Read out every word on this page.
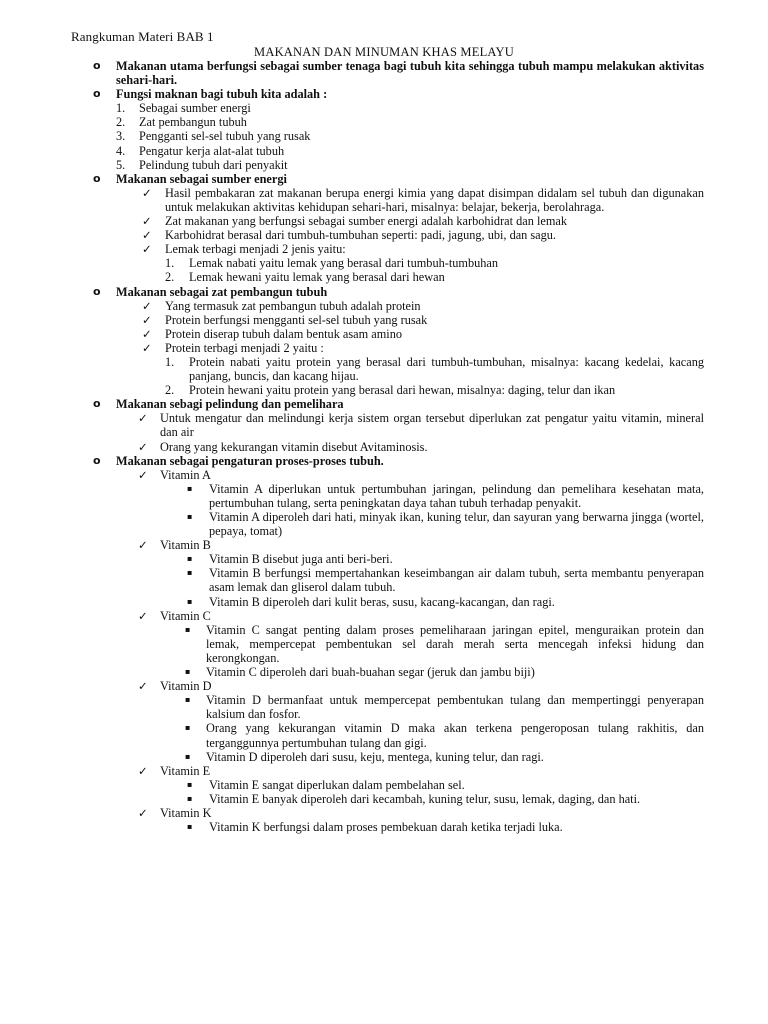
Rangkuman Materi BAB 1
MAKANAN DAN MINUMAN KHAS MELAYU
o Makanan utama berfungsi sebagai sumber tenaga bagi tubuh kita sehingga tubuh mampu melakukan aktivitas sehari-hari.
o Fungsi maknan bagi tubuh kita adalah :
1. Sebagai sumber energi
2. Zat pembangun tubuh
3. Pengganti sel-sel tubuh yang rusak
4. Pengatur kerja alat-alat tubuh
5. Pelindung tubuh dari penyakit
o Makanan sebagai sumber energi
✓ Hasil pembakaran zat makanan berupa energi kimia yang dapat disimpan didalam sel tubuh dan digunakan untuk melakukan aktivitas kehidupan sehari-hari, misalnya: belajar, bekerja, berolahraga.
✓ Zat makanan yang berfungsi sebagai sumber energi adalah karbohidrat dan lemak
✓ Karbohidrat berasal dari tumbuh-tumbuhan seperti: padi, jagung, ubi, dan sagu.
✓ Lemak terbagi menjadi 2 jenis yaitu:
1. Lemak nabati yaitu lemak yang berasal dari tumbuh-tumbuhan
2. Lemak hewani yaitu lemak yang berasal dari hewan
o Makanan sebagai zat pembangun tubuh
✓ Yang termasuk zat pembangun tubuh adalah protein
✓ Protein berfungsi mengganti sel-sel tubuh yang rusak
✓ Protein diserap tubuh dalam bentuk asam amino
✓ Protein terbagi menjadi 2 yaitu :
1. Protein nabati yaitu protein yang berasal dari tumbuh-tumbuhan, misalnya: kacang kedelai, kacang panjang, buncis, dan kacang hijau.
2. Protein hewani yaitu protein yang berasal dari hewan, misalnya: daging, telur dan ikan
o Makanan sebagi pelindung dan pemelihara
✓ Untuk mengatur dan melindungi kerja sistem organ tersebut diperlukan zat pengatur yaitu vitamin, mineral dan air
✓ Orang yang kekurangan vitamin disebut Avitaminosis.
o Makanan sebagai pengaturan proses-proses tubuh.
✓ Vitamin A
▪ Vitamin A diperlukan untuk pertumbuhan jaringan, pelindung dan pemelihara kesehatan mata, pertumbuhan tulang, serta peningkatan daya tahan tubuh terhadap penyakit.
▪ Vitamin A diperoleh dari hati, minyak ikan, kuning telur, dan sayuran yang berwarna jingga (wortel, pepaya, tomat)
✓ Vitamin B
▪ Vitamin B disebut juga anti beri-beri.
▪ Vitamin B berfungsi mempertahankan keseimbangan air dalam tubuh, serta membantu penyerapan asam lemak dan gliserol dalam tubuh.
▪ Vitamin B diperoleh dari kulit beras, susu, kacang-kacangan, dan ragi.
✓ Vitamin C
▪ Vitamin C sangat penting dalam proses pemeliharaan jaringan epitel, menguraikan protein dan lemak, mempercepat pembentukan sel darah merah serta mencegah infeksi hidung dan kerongkongan.
▪ Vitamin C diperoleh dari buah-buahan segar (jeruk dan jambu biji)
✓ Vitamin D
▪ Vitamin D bermanfaat untuk mempercepat pembentukan tulang dan mempertinggi penyerapan kalsium dan fosfor.
▪ Orang yang kekurangan vitamin D maka akan terkena pengeroposan tulang rakhitis, dan terganggunnya pertumbuhan tulang dan gigi.
▪ Vitamin D diperoleh dari susu, keju, mentega, kuning telur, dan ragi.
✓ Vitamin E
▪ Vitamin E sangat diperlukan dalam pembelahan sel.
▪ Vitamin E banyak diperoleh dari kecambah, kuning telur, susu, lemak, daging, dan hati.
✓ Vitamin K
▪ Vitamin K berfungsi dalam proses pembekuan darah ketika terjadi luka.
